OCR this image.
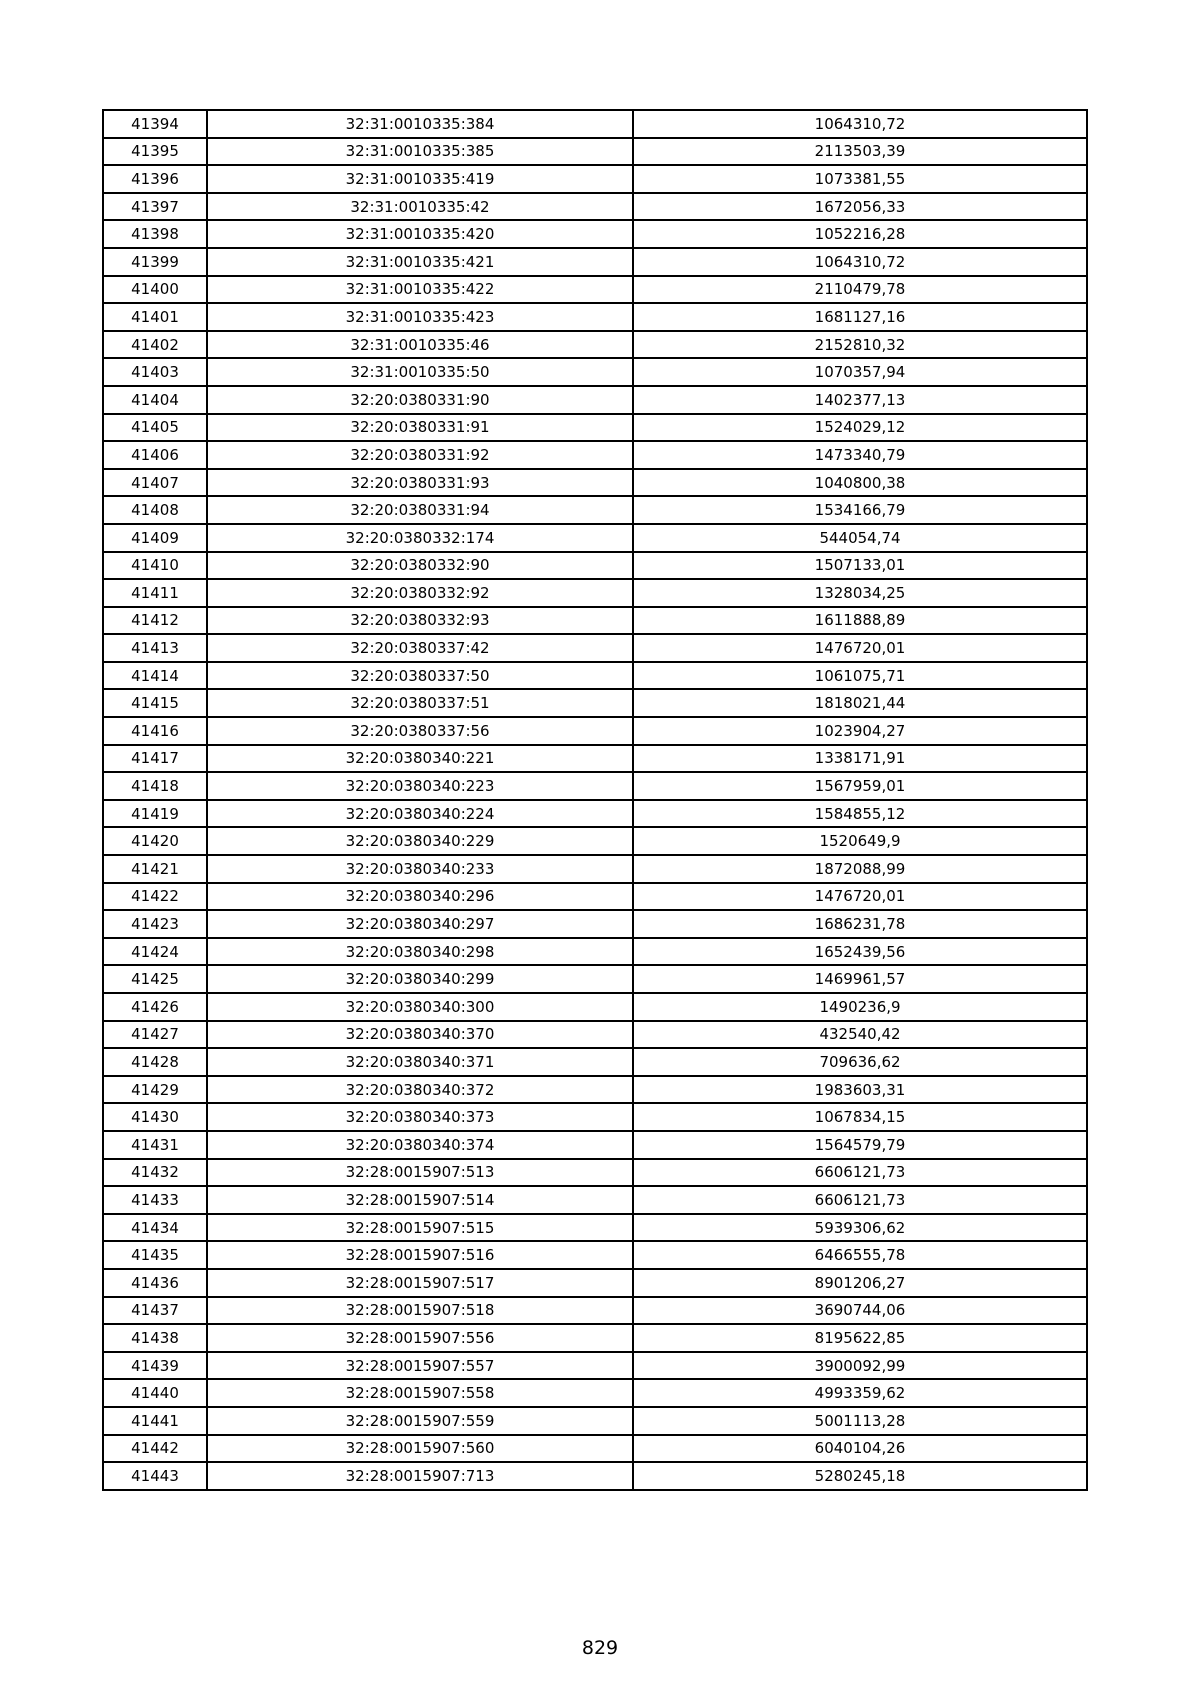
41394	32:31:0010335:384	1064310,72
41395	32:31:0010335:385	2113503,39
41396	32:31:0010335:419	1073381,55
41397	32:31:0010335:42	1672056,33
41398	32:31:0010335:420	1052216,28
41399	32:31:0010335:421	1064310,72
41400	32:31:0010335:422	2110479,78
41401	32:31:0010335:423	1681127,16
41402	32:31:0010335:46	2152810,32
41403	32:31:0010335:50	1070357,94
41404	32:20:0380331:90	1402377,13
41405	32:20:0380331:91	1524029,12
41406	32:20:0380331:92	1473340,79
41407	32:20:0380331:93	1040800,38
41408	32:20:0380331:94	1534166,79
41409	32:20:0380332:174	544054,74
41410	32:20:0380332:90	1507133,01
41411	32:20:0380332:92	1328034,25
41412	32:20:0380332:93	1611888,89
41413	32:20:0380337:42	1476720,01
41414	32:20:0380337:50	1061075,71
41415	32:20:0380337:51	1818021,44
41416	32:20:0380337:56	1023904,27
41417	32:20:0380340:221	1338171,91
41418	32:20:0380340:223	1567959,01
41419	32:20:0380340:224	1584855,12
41420	32:20:0380340:229	1520649,9
41421	32:20:0380340:233	1872088,99
41422	32:20:0380340:296	1476720,01
41423	32:20:0380340:297	1686231,78
41424	32:20:0380340:298	1652439,56
41425	32:20:0380340:299	1469961,57
41426	32:20:0380340:300	1490236,9
41427	32:20:0380340:370	432540,42
41428	32:20:0380340:371	709636,62
41429	32:20:0380340:372	1983603,31
41430	32:20:0380340:373	1067834,15
41431	32:20:0380340:374	1564579,79
41432	32:28:0015907:513	6606121,73
41433	32:28:0015907:514	6606121,73
41434	32:28:0015907:515	5939306,62
41435	32:28:0015907:516	6466555,78
41436	32:28:0015907:517	8901206,27
41437	32:28:0015907:518	3690744,06
41438	32:28:0015907:556	8195622,85
41439	32:28:0015907:557	3900092,99
41440	32:28:0015907:558	4993359,62
41441	32:28:0015907:559	5001113,28
41442	32:28:0015907:560	6040104,26
41443	32:28:0015907:713	5280245,18
829
